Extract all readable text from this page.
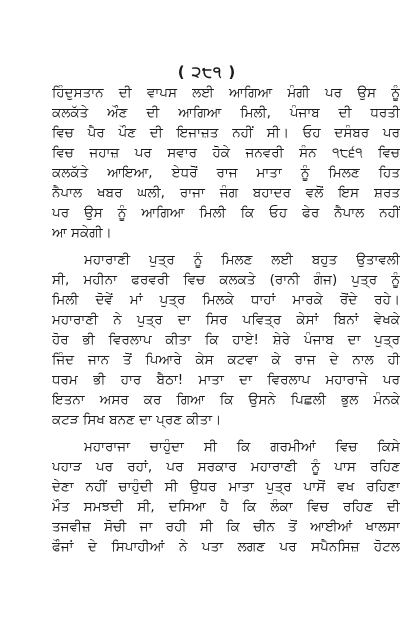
( ੨੮੧ )
ਹਿੰਦੁਸਤਾਨ ਦੀ ਵਾਪਸ ਲਈ ਆਗਿਆ ਮੰਗੀ ਪਰ ਉਸ ਨੂੰ
ਕਲਕੱਤੇ ਔਣ ਦੀ ਆਗਿਆ ਮਿਲੀ, ਪੰਜਾਬ ਦੀ ਧਰਤੀ
ਵਿਚ ਪੈਰ ਪੌਣ ਦੀ ਇਜਾਜ਼ਤ ਨਹੀਂ ਸੀ। ਓਹ ਦਸੰਬਰ ਪਰ
ਵਿਚ ਜਹਾਜ਼ ਪਰ ਸਵਾਰ ਹੋਕੇ ਜਨਵਰੀ ਸੰਨ ੧੮੬੧ ਵਿਚ
ਕਲਕੱਤੇ ਆਇਆ, ਏਧਰੋਂ ਰਾਜ ਮਾਤਾ ਨੂੰ ਮਿਲਣ ਹਿਤ
ਨੈਪਾਲ ਖਬਰ ਘਲੀ, ਰਾਜਾ ਜੰਗ ਬਹਾਦਰ ਵਲੋਂ ਇਸ ਸ਼ਰਤ
ਪਰ ਉਸ ਨੂੰ ਆਗਿਆ ਮਿਲੀ ਕਿ ਓਹ ਫੇਰ ਨੈਪਾਲ ਨਹੀਂ
ਆ ਸਕੇਗੀ।
ਮਹਾਰਾਣੀ ਪੁਤ੍ਰ ਨੂੰ ਮਿਲਣ ਲਈ ਬਹੁਤ ਉਤਾਵਲੀ
ਸੀ, ਮਹੀਨਾ ਫਰਵਰੀ ਵਿਚ ਕਲਕਤੇ (ਰਾਨੀ ਗੰਜ) ਪੁਤ੍ਰ ਨੂੰ
ਮਿਲੀ ਦੋਵੇਂ ਮਾਂ ਪੁਤ੍ਰ ਮਿਲਕੇ ਧਾਹਾਂ ਮਾਰਕੇ ਰੋਂਦੇ ਰਹੇ।
ਮਹਾਰਾਣੀ ਨੇ ਪੁਤ੍ਰ ਦਾ ਸਿਰ ਪਵਿਤ੍ਰ ਕੇਸਾਂ ਬਿਨਾਂ ਵੇਖਕੇ
ਹੋਰ ਭੀ ਵਿਰਲਾਪ ਕੀਤਾ ਕਿ ਹਾਏ! ਸ਼ੇਰੇ ਪੰਜਾਬ ਦਾ ਪੁਤ੍ਰ
ਜਿੰਦ ਜਾਨ ਤੋਂ ਪਿਆਰੇ ਕੇਸ ਕਟਵਾ ਕੇ ਰਾਜ ਦੇ ਨਾਲ ਹੀ
ਧਰਮ ਭੀ ਹਾਰ ਬੈਠਾ! ਮਾਤਾ ਦਾ ਵਿਰਲਾਪ ਮਹਾਰਾਜੇ ਪਰ
ਇਤਨਾ ਅਸਰ ਕਰ ਗਿਆ ਕਿ ਉਸਨੇ ਪਿਛਲੀ ਭੁਲ ਮੰਨਕੇ
ਕਟੜ ਸਿਖ ਬਨਣ ਦਾ ਪ੍ਰਣ ਕੀਤਾ।
ਮਹਾਰਾਜਾ ਚਾਹੁੰਦਾ ਸੀ ਕਿ ਗਰਮੀਆਂ ਵਿਚ ਕਿਸੇ
ਪਹਾੜ ਪਰ ਰਹਾਂ, ਪਰ ਸਰਕਾਰ ਮਹਾਰਾਣੀ ਨੂੰ ਪਾਸ ਰਹਿਣ
ਦੇਣਾ ਨਹੀਂ ਚਾਹੁੰਦੀ ਸੀ ਉਧਰ ਮਾਤਾ ਪੁਤ੍ਰ ਪਾਸੋਂ ਵਖ ਰਹਿਣਾ
ਮੌਤ ਸਮਝਦੀ ਸੀ, ਦਸਿਆ ਹੈ ਕਿ ਲੰਕਾ ਵਿਚ ਰਹਿਣ ਦੀ
ਤਜਵੀਜ਼ ਸੋਚੀ ਜਾ ਰਹੀ ਸੀ ਕਿ ਚੀਨ ਤੋਂ ਆਈਆਂ ਖਾਲਸਾ
ਫੌਜਾਂ ਦੇ ਸਿਪਾਹੀਆਂ ਨੇ ਪਤਾ ਲਗਣ ਪਰ ਸਪੈਨਸਿਜ਼ ਹੋਟਲ
